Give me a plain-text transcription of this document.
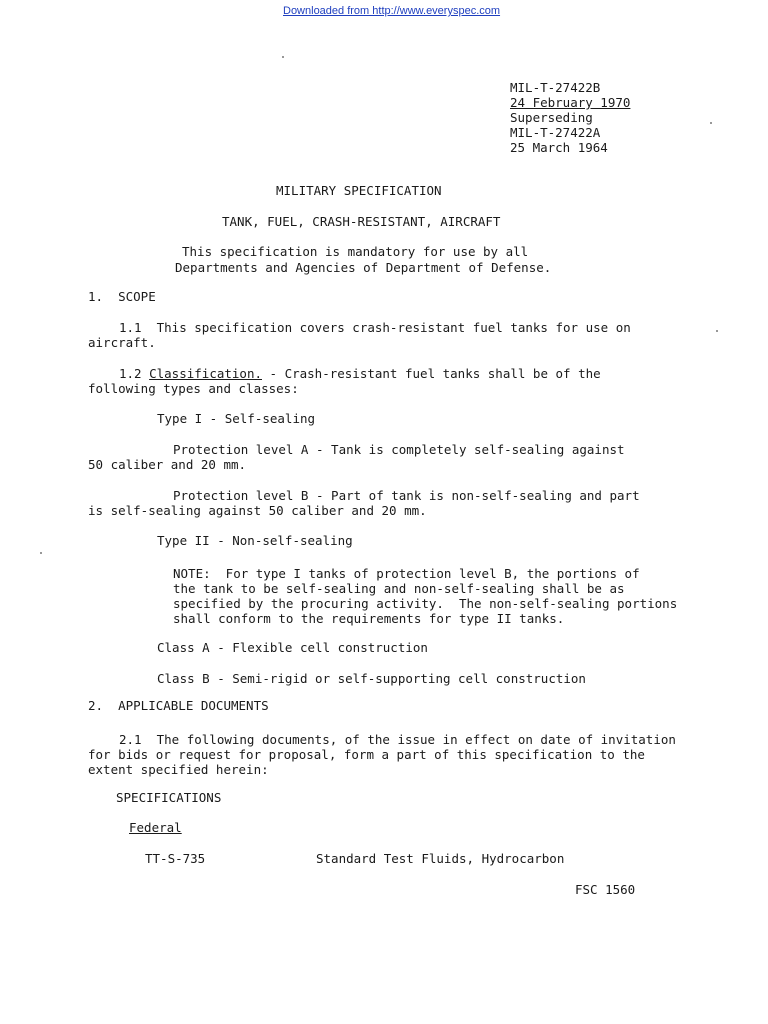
Downloaded from http://www.everyspec.com
MIL-T-27422B
24 February 1970
Superseding
MIL-T-27422A
25 March 1964
MILITARY SPECIFICATION
TANK, FUEL, CRASH-RESISTANT, AIRCRAFT
This specification is mandatory for use by all
Departments and Agencies of Department of Defense.
1.  SCOPE
1.1  This specification covers crash-resistant fuel tanks for use on
aircraft.
1.2 Classification. - Crash-resistant fuel tanks shall be of the
following types and classes:
Type I - Self-sealing
Protection level A - Tank is completely self-sealing against
50 caliber and 20 mm.
Protection level B - Part of tank is non-self-sealing and part
is self-sealing against 50 caliber and 20 mm.
Type II - Non-self-sealing
NOTE:  For type I tanks of protection level B, the portions of
the tank to be self-sealing and non-self-sealing shall be as
specified by the procuring activity.  The non-self-sealing portions
shall conform to the requirements for type II tanks.
Class A - Flexible cell construction
Class B - Semi-rigid or self-supporting cell construction
2.  APPLICABLE DOCUMENTS
2.1  The following documents, of the issue in effect on date of invitation
for bids or request for proposal, form a part of this specification to the
extent specified herein:
SPECIFICATIONS
Federal
TT-S-735	Standard Test Fluids, Hydrocarbon
FSC 1560
